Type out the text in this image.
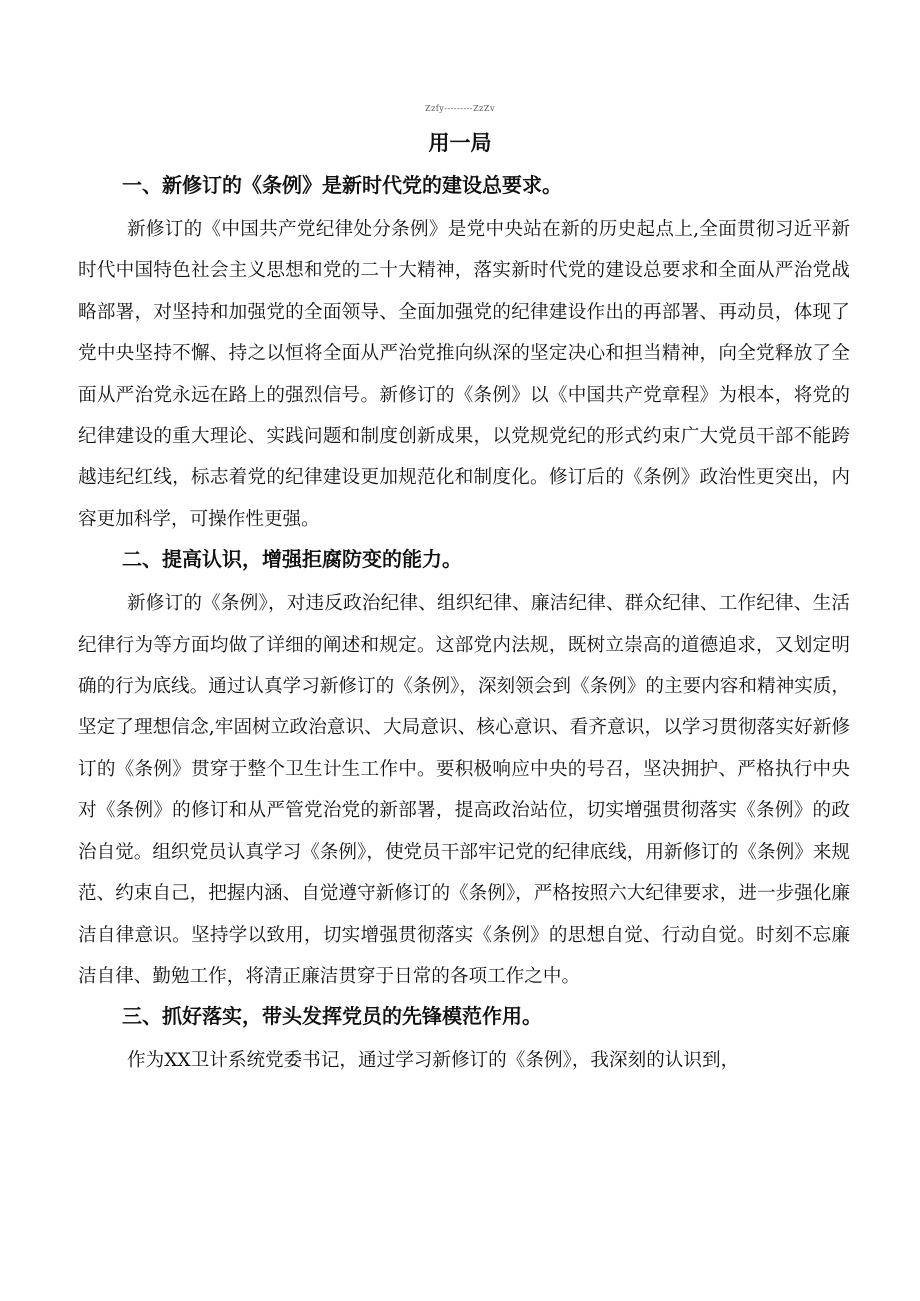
Zzfy---------ZzZv
用一局
一、新修订的《条例》是新时代党的建设总要求。

新修订的《中国共产党纪律处分条例》是党中央站在新的历史起点上,全面贯彻习近平新时代中国特色社会主义思想和党的二十大精神，落实新时代党的建设总要求和全面从严治党战略部署，对坚持和加强党的全面领导、全面加强党的纪律建设作出的再部署、再动员，体现了党中央坚持不懈、持之以恒将全面从严治党推向纵深的坚定决心和担当精神，向全党释放了全面从严治党永远在路上的强烈信号。新修订的《条例》以《中国共产党章程》为根本，将党的纪律建设的重大理论、实践问题和制度创新成果，以党规党纪的形式约束广大党员干部不能跨越违纪红线，标志着党的纪律建设更加规范化和制度化。修订后的《条例》政治性更突出，内容更加科学，可操作性更强。

二、提高认识，增强拒腐防变的能力。

新修订的《条例》，对违反政治纪律、组织纪律、廉洁纪律、群众纪律、工作纪律、生活纪律行为等方面均做了详细的阐述和规定。这部党内法规，既树立崇高的道德追求，又划定明确的行为底线。通过认真学习新修订的《条例》，深刻领会到《条例》的主要内容和精神实质，坚定了理想信念,牢固树立政治意识、大局意识、核心意识、看齐意识，以学习贯彻落实好新修订的《条例》贯穿于整个卫生计生工作中。要积极响应中央的号召，坚决拥护、严格执行中央对《条例》的修订和从严管党治党的新部署，提高政治站位，切实增强贯彻落实《条例》的政治自觉。组织党员认真学习《条例》，使党员干部牢记党的纪律底线，用新修订的《条例》来规范、约束自己，把握内涵、自觉遵守新修订的《条例》，严格按照六大纪律要求，进一步强化廉洁自律意识。坚持学以致用，切实增强贯彻落实《条例》的思想自觉、行动自觉。时刻不忘廉洁自律、勤勉工作，将清正廉洁贯穿于日常的各项工作之中。

三、抓好落实，带头发挥党员的先锋模范作用。

作为XX卫计系统党委书记，通过学习新修订的《条例》，我深刻的认识到，
